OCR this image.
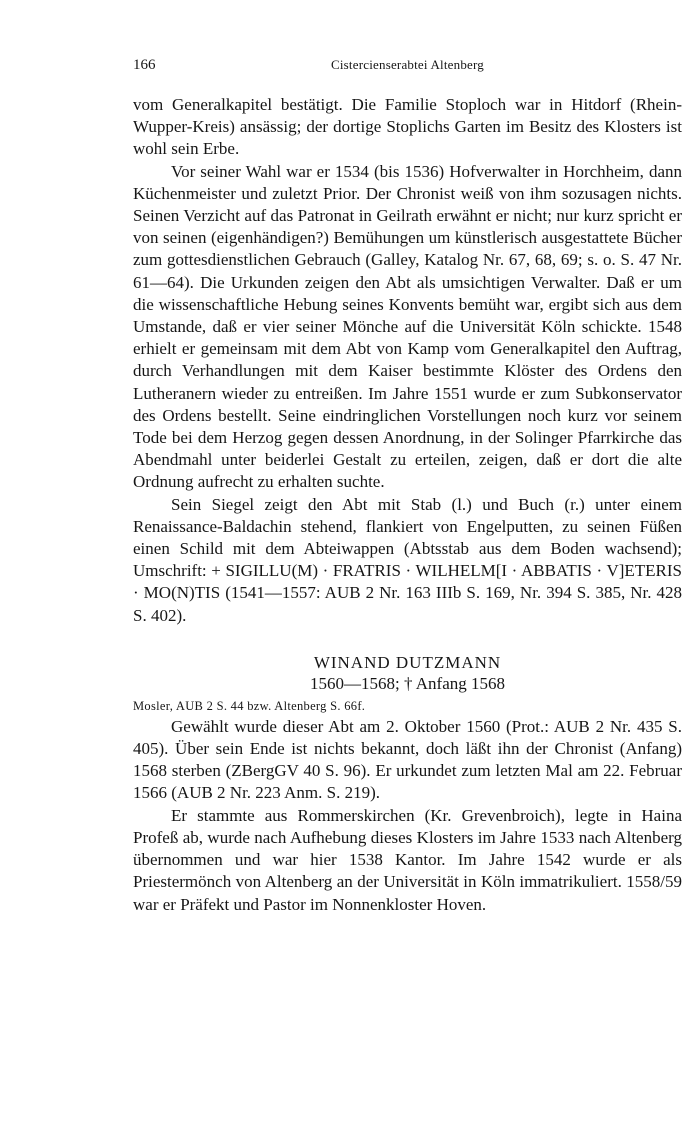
166	Cistercienserabtei Altenberg

vom Generalkapitel bestätigt. Die Familie Stoploch war in Hitdorf (Rhein-Wupper-Kreis) ansässig; der dortige Stoplichs Garten im Besitz des Klosters ist wohl sein Erbe.

Vor seiner Wahl war er 1534 (bis 1536) Hofverwalter in Horchheim, dann Küchenmeister und zuletzt Prior. Der Chronist weiß von ihm sozusagen nichts. Seinen Verzicht auf das Patronat in Geilrath erwähnt er nicht; nur kurz spricht er von seinen (eigenhändigen?) Bemühungen um künstlerisch ausgestattete Bücher zum gottesdienstlichen Gebrauch (Galley, Katalog Nr. 67, 68, 69; s. o. S. 47 Nr. 61—64). Die Urkunden zeigen den Abt als umsichtigen Verwalter. Daß er um die wissenschaftliche Hebung seines Konvents bemüht war, ergibt sich aus dem Umstande, daß er vier seiner Mönche auf die Universität Köln schickte. 1548 erhielt er gemeinsam mit dem Abt von Kamp vom Generalkapitel den Auftrag, durch Verhandlungen mit dem Kaiser bestimmte Klöster des Ordens den Lutheranern wieder zu entreißen. Im Jahre 1551 wurde er zum Subkonservator des Ordens bestellt. Seine eindringlichen Vorstellungen noch kurz vor seinem Tode bei dem Herzog gegen dessen Anordnung, in der Solinger Pfarrkirche das Abendmahl unter beiderlei Gestalt zu erteilen, zeigen, daß er dort die alte Ordnung aufrecht zu erhalten suchte.

Sein Siegel zeigt den Abt mit Stab (l.) und Buch (r.) unter einem Renaissance-Baldachin stehend, flankiert von Engelputten, zu seinen Füßen einen Schild mit dem Abteiwappen (Abtsstab aus dem Boden wachsend); Umschrift: + SIGILLU(M) · FRATRIS · WILHELM[I · ABBATIS · V]ETERIS · MO(N)TIS (1541—1557: AUB 2 Nr. 163 IIIb S. 169, Nr. 394 S. 385, Nr. 428 S. 402).

WINAND DUTZMANN
1560—1568; † Anfang 1568
Mosler, AUB 2 S. 44 bzw. Altenberg S. 66f.

Gewählt wurde dieser Abt am 2. Oktober 1560 (Prot.: AUB 2 Nr. 435 S. 405). Über sein Ende ist nichts bekannt, doch läßt ihn der Chronist (Anfang) 1568 sterben (ZBergGV 40 S. 96). Er urkundet zum letzten Mal am 22. Februar 1566 (AUB 2 Nr. 223 Anm. S. 219).

Er stammte aus Rommerskirchen (Kr. Grevenbroich), legte in Haina Profeß ab, wurde nach Aufhebung dieses Klosters im Jahre 1533 nach Altenberg übernommen und war hier 1538 Kantor. Im Jahre 1542 wurde er als Priestermönch von Altenberg an der Universität in Köln immatrikuliert. 1558/59 war er Präfekt und Pastor im Nonnenkloster Hoven.
